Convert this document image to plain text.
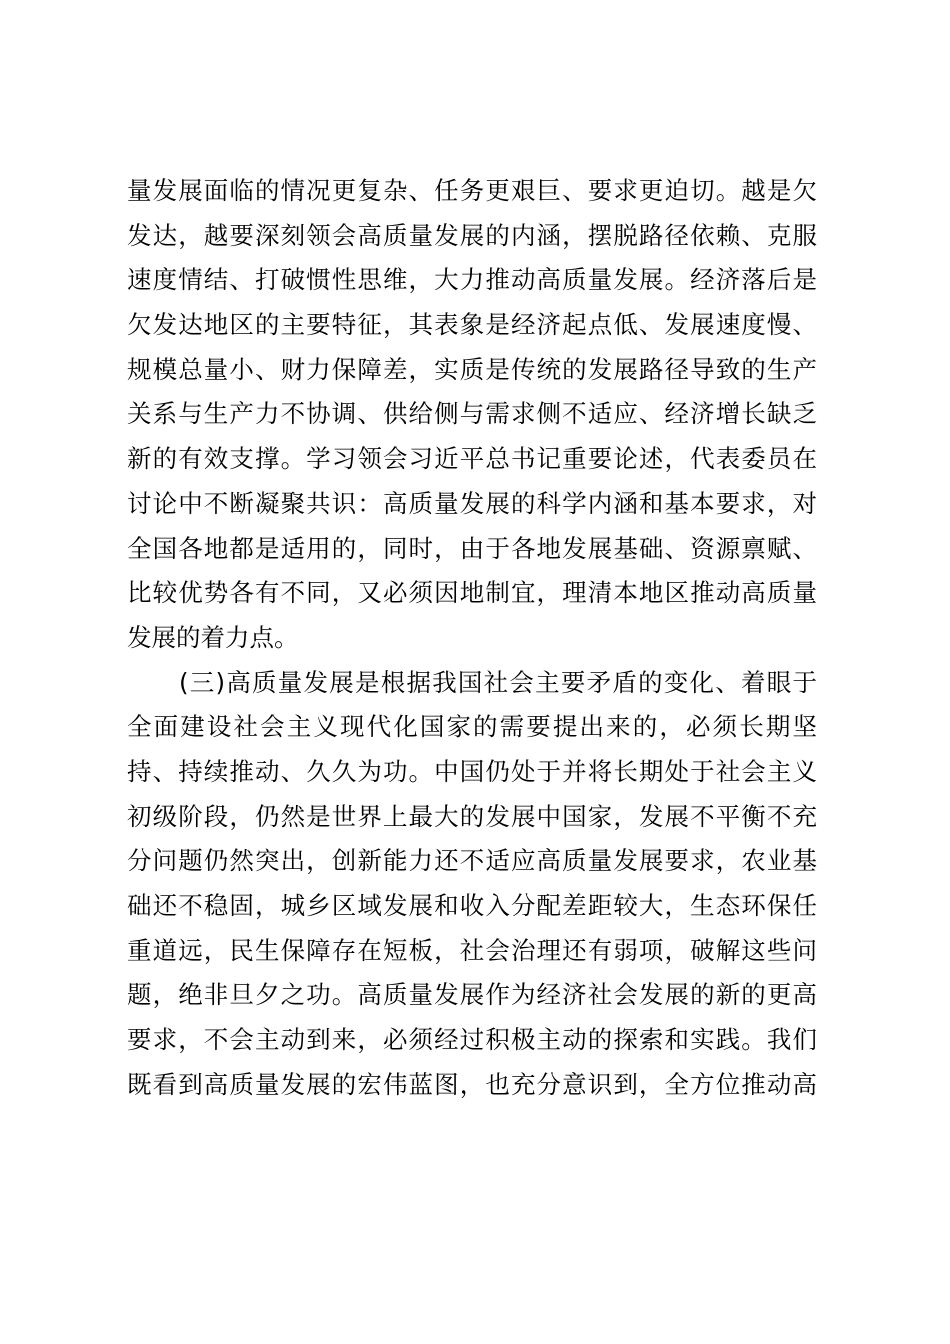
量发展面临的情况更复杂、任务更艰巨、要求更迫切。越是欠
发达，越要深刻领会高质量发展的内涵，摆脱路径依赖、克服
速度情结、打破惯性思维，大力推动高质量发展。经济落后是
欠发达地区的主要特征，其表象是经济起点低、发展速度慢、
规模总量小、财力保障差，实质是传统的发展路径导致的生产
关系与生产力不协调、供给侧与需求侧不适应、经济增长缺乏
新的有效支撑。学习领会习近平总书记重要论述，代表委员在
讨论中不断凝聚共识：高质量发展的科学内涵和基本要求，对
全国各地都是适用的，同时，由于各地发展基础、资源禀赋、
比较优势各有不同，又必须因地制宜，理清本地区推动高质量
发展的着力点。
(三)高质量发展是根据我国社会主要矛盾的变化、着眼于
全面建设社会主义现代化国家的需要提出来的，必须长期坚
持、持续推动、久久为功。中国仍处于并将长期处于社会主义
初级阶段，仍然是世界上最大的发展中国家，发展不平衡不充
分问题仍然突出，创新能力还不适应高质量发展要求，农业基
础还不稳固，城乡区域发展和收入分配差距较大，生态环保任
重道远，民生保障存在短板，社会治理还有弱项，破解这些问
题，绝非旦夕之功。高质量发展作为经济社会发展的新的更高
要求，不会主动到来，必须经过积极主动的探索和实践。我们
既看到高质量发展的宏伟蓝图，也充分意识到，全方位推动高
